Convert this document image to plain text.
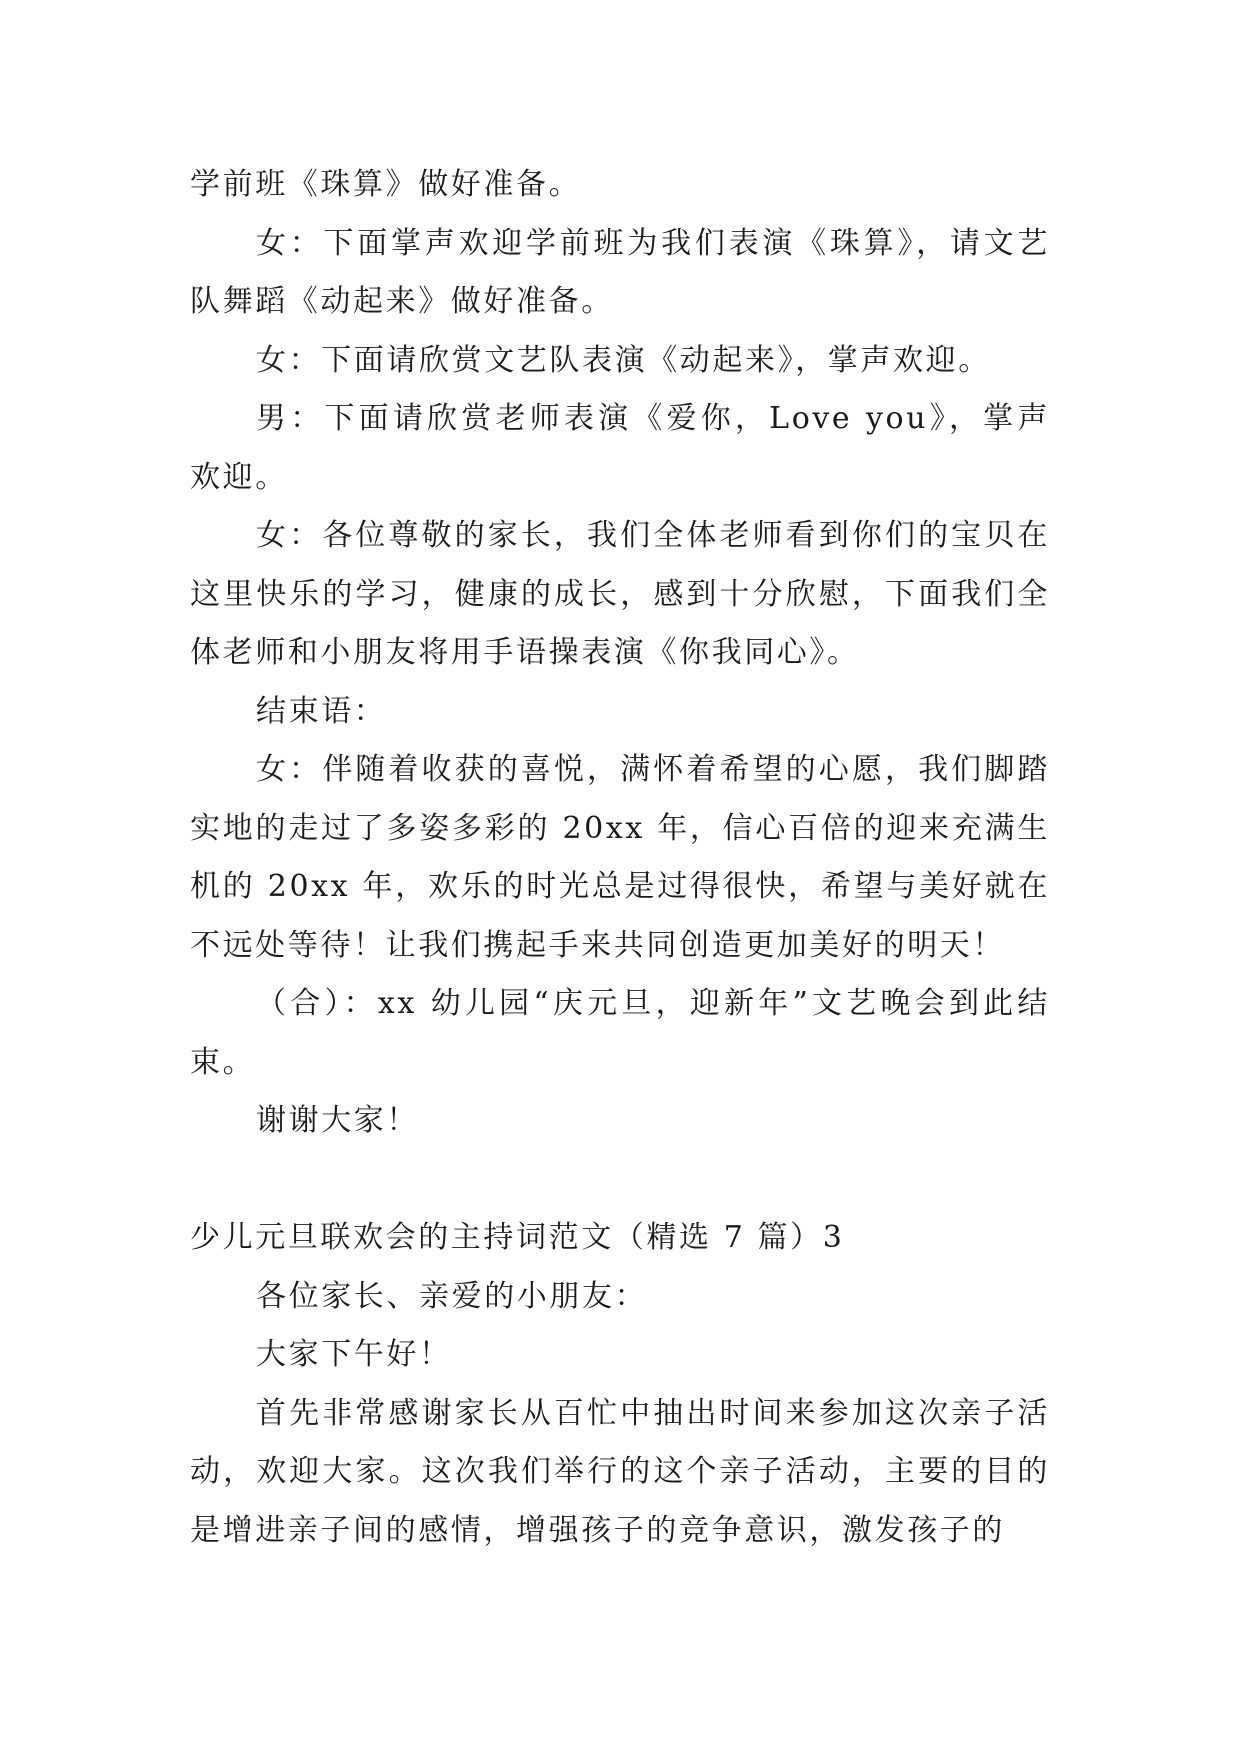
学前班《珠算》做好准备。

女：下面掌声欢迎学前班为我们表演《珠算》，请文艺队舞蹈《动起来》做好准备。

女：下面请欣赏文艺队表演《动起来》，掌声欢迎。

男：下面请欣赏老师表演《爱你，Love you》，掌声欢迎。

女：各位尊敬的家长，我们全体老师看到你们的宝贝在这里快乐的学习，健康的成长，感到十分欣慰，下面我们全体老师和小朋友将用手语操表演《你我同心》。

结束语：

女：伴随着收获的喜悦，满怀着希望的心愿，我们脚踏实地的走过了多姿多彩的 20xx 年，信心百倍的迎来充满生机的 20xx 年，欢乐的时光总是过得很快，希望与美好就在不远处等待！让我们携起手来共同创造更加美好的明天！

（合）：xx 幼儿园“庆元旦，迎新年”文艺晚会到此结束。

谢谢大家！

少儿元旦联欢会的主持词范文（精选 7 篇）3

各位家长、亲爱的小朋友：

大家下午好！

首先非常感谢家长从百忙中抽出时间来参加这次亲子活动，欢迎大家。这次我们举行的这个亲子活动，主要的目的是增进亲子间的感情，增强孩子的竞争意识，激发孩子的
